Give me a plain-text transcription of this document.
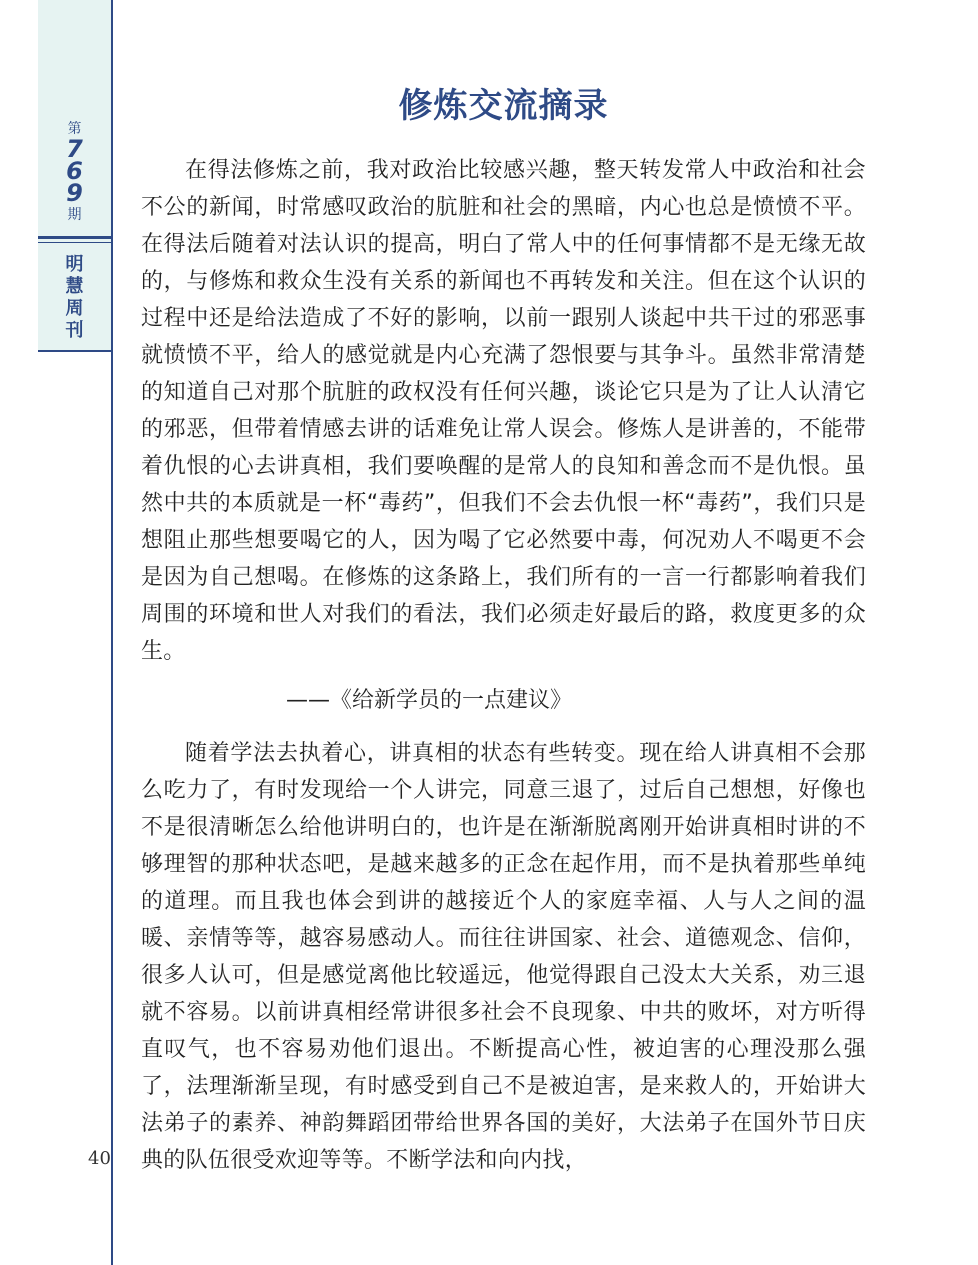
第
7
6
9
期
明
慧
周
刊
40
修炼交流摘录

在得法修炼之前，我对政治比较感兴趣，整天转发常人中政治和社会不公的新闻，时常感叹政治的肮脏和社会的黑暗，内心也总是愤愤不平。在得法后随着对法认识的提高，明白了常人中的任何事情都不是无缘无故的，与修炼和救众生没有关系的新闻也不再转发和关注。但在这个认识的过程中还是给法造成了不好的影响，以前一跟别人谈起中共干过的邪恶事就愤愤不平，给人的感觉就是内心充满了怨恨要与其争斗。虽然非常清楚的知道自己对那个肮脏的政权没有任何兴趣，谈论它只是为了让人认清它的邪恶，但带着情感去讲的话难免让常人误会。修炼人是讲善的，不能带着仇恨的心去讲真相，我们要唤醒的是常人的良知和善念而不是仇恨。虽然中共的本质就是一杯“毒药”，但我们不会去仇恨一杯“毒药”，我们只是想阻止那些想要喝它的人，因为喝了它必然要中毒，何况劝人不喝更不会是因为自己想喝。在修炼的这条路上，我们所有的一言一行都影响着我们周围的环境和世人对我们的看法，我们必须走好最后的路，救度更多的众生。

——《给新学员的一点建议》

随着学法去执着心，讲真相的状态有些转变。现在给人讲真相不会那么吃力了，有时发现给一个人讲完，同意三退了，过后自己想想，好像也不是很清晰怎么给他讲明白的，也许是在渐渐脱离刚开始讲真相时讲的不够理智的那种状态吧，是越来越多的正念在起作用，而不是执着那些单纯的道理。而且我也体会到讲的越接近个人的家庭幸福、人与人之间的温暖、亲情等等，越容易感动人。而往往讲国家、社会、道德观念、信仰，很多人认可，但是感觉离他比较遥远，他觉得跟自己没太大关系，劝三退就不容易。以前讲真相经常讲很多社会不良现象、中共的败坏，对方听得直叹气，也不容易劝他们退出。不断提高心性，被迫害的心理没那么强了，法理渐渐呈现，有时感受到自己不是被迫害，是来救人的，开始讲大法弟子的素养、神韵舞蹈团带给世界各国的美好，大法弟子在国外节日庆典的队伍很受欢迎等等。不断学法和向内找，
